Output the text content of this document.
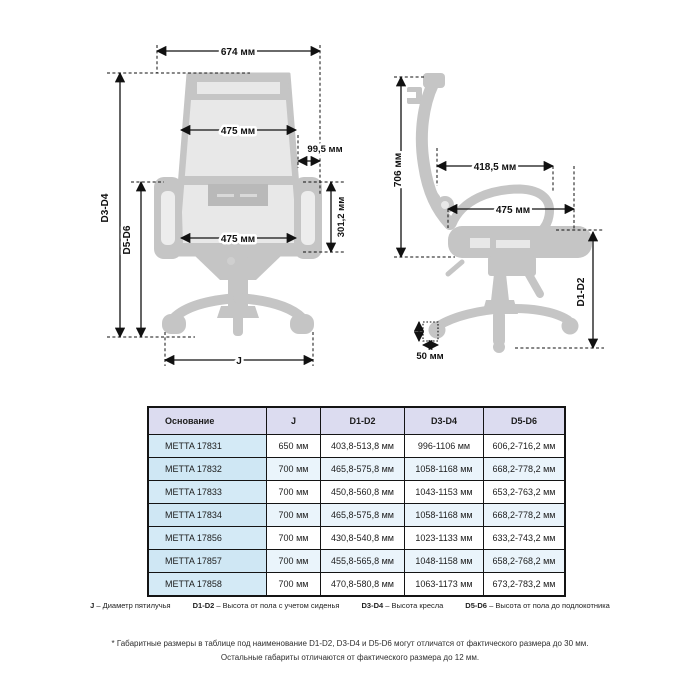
674 мм
475 мм
99,5 мм
301,2 мм
475 мм
D3-D4
D5-D6
J
706 мм	418,5 мм
475 мм
50 мм
D1-D2
Основание	J	D1-D2	D3-D4	D5-D6
METTA 17831	650 мм	403,8-513,8 мм	996-1106 мм	606,2-716,2 мм
METTA 17832	700 мм	465,8-575,8 мм	1058-1168 мм	668,2-778,2 мм
METTA 17833	700 мм	450,8-560,8 мм	1043-1153 мм	653,2-763,2 мм
METTA 17834	700 мм	465,8-575,8 мм	1058-1168 мм	668,2-778,2 мм
METTA 17856	700 мм	430,8-540,8 мм	1023-1133 мм	633,2-743,2 мм
METTA 17857	700 мм	455,8-565,8 мм	1048-1158 мм	658,2-768,2 мм
METTA 17858	700 мм	470,8-580,8 мм	1063-1173 мм	673,2-783,2 мм
J – Диаметр пятилучья	D1-D2 – Высота от пола с учетом сиденья	D3-D4 – Высота кресла	D5-D6 – Высота от пола до подлокотника
* Габаритные размеры в таблице под наименование D1-D2, D3-D4 и D5-D6 могут отличатся от фактического размера до 30 мм.
Остальные габариты отличаются от фактического размера до 12 мм.
